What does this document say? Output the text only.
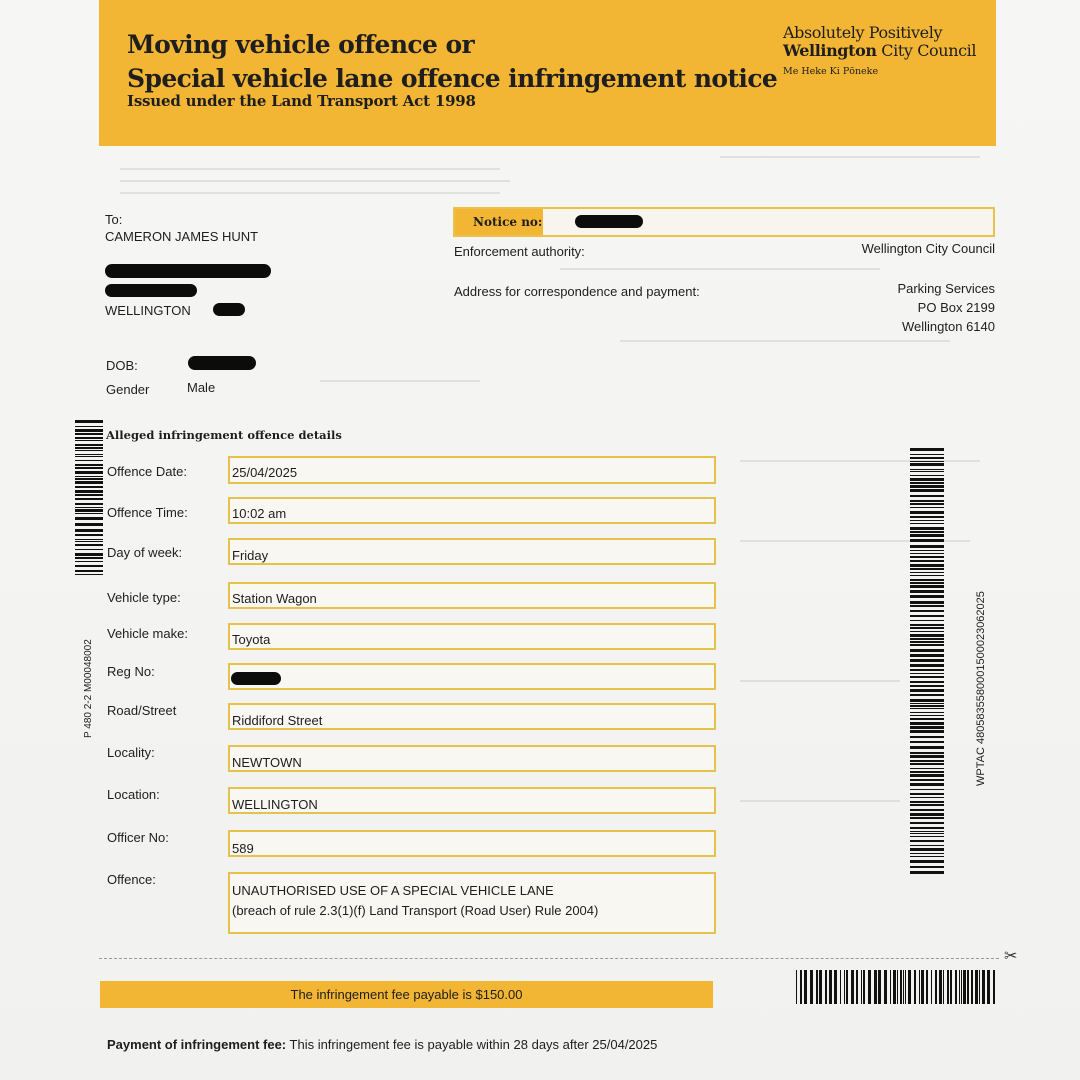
Moving vehicle offence or
Special vehicle lane offence infringement notice
Issued under the Land Transport Act 1998
Absolutely Positively
Wellington City Council
Me Heke Ki Pōneke
To:
CAMERON JAMES HUNT
WELLINGTON
DOB:
Gender	Male
Notice no:
Enforcement authority:	Wellington City Council
Address for correspondence and payment:	Parking Services
PO Box 2199
Wellington 6140
P 480 2-2 M00048002
Alleged infringement offence details
Offence Date:	25/04/2025
Offence Time:	10:02 am
Day of week:	Friday
Vehicle type:	Station Wagon
Vehicle make:	Toyota
Reg No:
Road/Street
Riddiford Street
Locality:
NEWTOWN
Location:
WELLINGTON
Officer No:
589
Offence:
UNAUTHORISED USE OF A SPECIAL VEHICLE LANE
(breach of rule 2.3(1)(f) Land Transport (Road User) Rule 2004)
WPTAC 4805835580001500023062025
✂
The infringement fee payable is $150.00
Payment of infringement fee: This infringement fee is payable within 28 days after 25/04/2025
